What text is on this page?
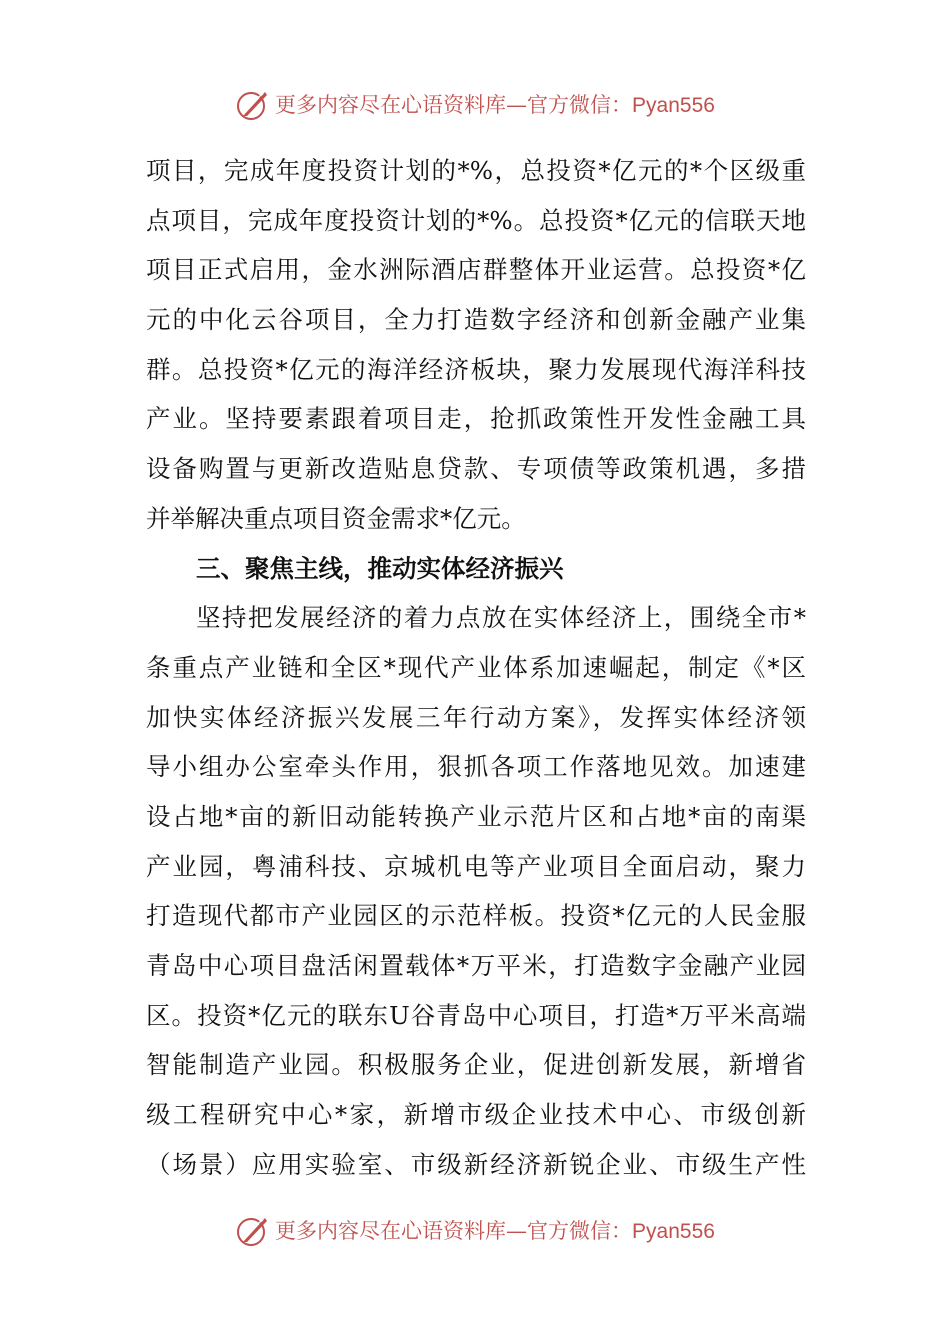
更多内容尽在心语资料库—官方微信：Pyan556
项目，完成年度投资计划的*%，总投资*亿元的*个区级重
点项目，完成年度投资计划的*%。总投资*亿元的信联天地
项目正式启用，金水洲际酒店群整体开业运营。总投资*亿
元的中化云谷项目，全力打造数字经济和创新金融产业集
群。总投资*亿元的海洋经济板块，聚力发展现代海洋科技
产业。坚持要素跟着项目走，抢抓政策性开发性金融工具
设备购置与更新改造贴息贷款、专项债等政策机遇，多措
并举解决重点项目资金需求*亿元。
三、聚焦主线，推动实体经济振兴
坚持把发展经济的着力点放在实体经济上，围绕全市*
条重点产业链和全区*现代产业体系加速崛起，制定《*区
加快实体经济振兴发展三年行动方案》，发挥实体经济领
导小组办公室牵头作用，狠抓各项工作落地见效。加速建
设占地*亩的新旧动能转换产业示范片区和占地*亩的南渠
产业园，粤浦科技、京城机电等产业项目全面启动，聚力
打造现代都市产业园区的示范样板。投资*亿元的人民金服
青岛中心项目盘活闲置载体*万平米，打造数字金融产业园
区。投资*亿元的联东U谷青岛中心项目，打造*万平米高端
智能制造产业园。积极服务企业，促进创新发展，新增省
级工程研究中心*家，新增市级企业技术中心、市级创新
（场景）应用实验室、市级新经济新锐企业、市级生产性
更多内容尽在心语资料库—官方微信：Pyan556
